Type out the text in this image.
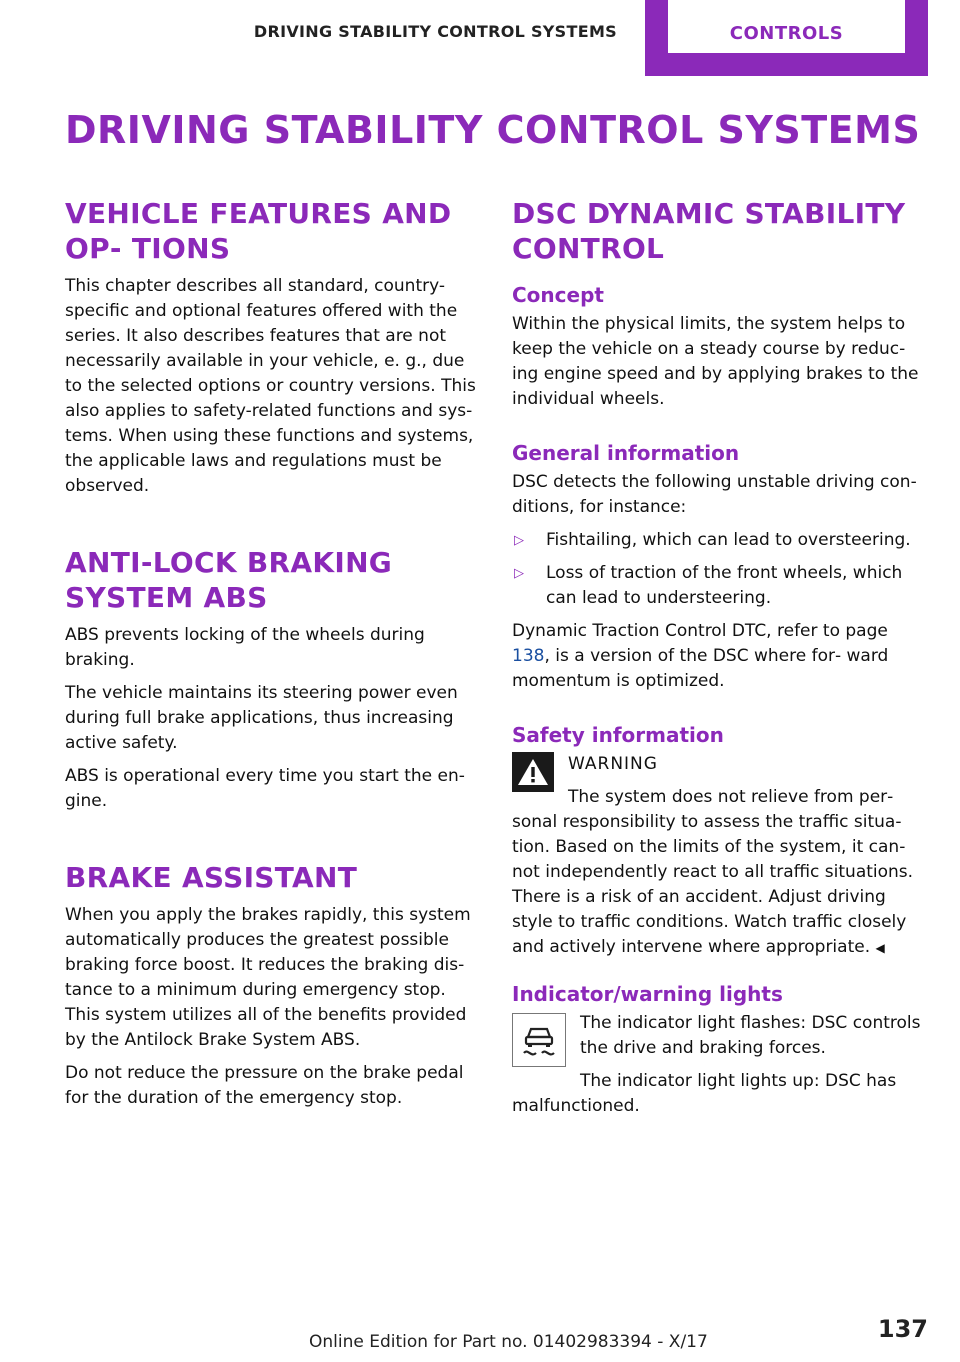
DRIVING STABILITY CONTROL SYSTEMS	CONTROLS
DRIVING STABILITY CONTROL SYSTEMS
VEHICLE FEATURES AND OP‐ TIONS

This chapter describes all standard, country-specific and optional features offered with the series. It also describes features that are not necessarily available in your vehicle, e. g., due to the selected options or country versions. This also applies to safety-related functions and sys‐ tems. When using these functions and systems, the applicable laws and regulations must be observed.

ANTI-LOCK BRAKING SYSTEM ABS

ABS prevents locking of the wheels during braking.

The vehicle maintains its steering power even during full brake applications, thus increasing active safety.

ABS is operational every time you start the en‐ gine.

BRAKE ASSISTANT

When you apply the brakes rapidly, this system automatically produces the greatest possible braking force boost. It reduces the braking dis‐ tance to a minimum during emergency stop. This system utilizes all of the benefits provided by the Antilock Brake System ABS.

Do not reduce the pressure on the brake pedal for the duration of the emergency stop.

DSC DYNAMIC STABILITY CONTROL
Concept

Within the physical limits, the system helps to keep the vehicle on a steady course by reduc‐ ing engine speed and by applying brakes to the individual wheels.

General information

DSC detects the following unstable driving con‐ ditions, for instance:

▷ Fishtailing, which can lead to oversteering.
▷ Loss of traction of the front wheels, which can lead to understeering.

Dynamic Traction Control DTC, refer to page 138, is a version of the DSC where for‐ ward momentum is optimized.

Safety information
WARNING
The system does not relieve from per‐ sonal responsibility to assess the traffic situa‐ tion. Based on the limits of the system, it can‐ not independently react to all traffic situations. There is a risk of an accident. Adjust driving style to traffic conditions. Watch traffic closely and actively intervene where appropriate. ◀
Indicator/warning lights

The indicator light flashes: DSC controls the drive and braking forces.

The indicator light lights up: DSC has malfunctioned.

Online Edition for Part no. 01402983394 - X/17	137
